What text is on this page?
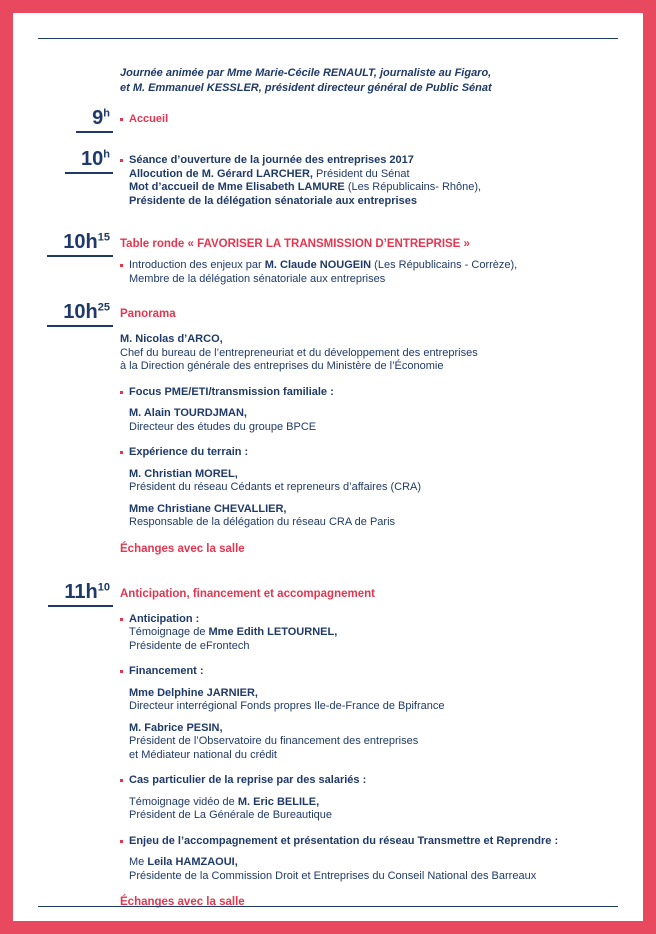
Journée animée par Mme Marie-Cécile RENAULT, journaliste au Figaro,
et M. Emmanuel KESSLER, président directeur général de Public Sénat
9$^h$	Accueil
10$^h$	Séance d’ouverture de la journée des entreprises 2017
Allocution de M. Gérard LARCHER, Président du Sénat
Mot d’accueil de Mme Elisabeth LAMURE (Les Républicains- Rhône),
Présidente de la délégation sénatoriale aux entreprises
$10h^{15}$
Table ronde « FAVORISER LA TRANSMISSION D’ENTREPRISE »
Introduction des enjeux par M. Claude NOUGEIN (Les Républicains - Corrèze),
Membre de la délégation sénatoriale aux entreprises
$10h^{25}$
Panorama
M. Nicolas d’ARCO,
Chef du bureau de l’entrepreneuriat et du développement des entreprises
à la Direction générale des entreprises du Ministère de l’Économie
Focus PME/ETI/transmission familiale :
M. Alain TOURDJMAN,
Directeur des études du groupe BPCE
Expérience du terrain :
M. Christian MOREL,
Président du réseau Cédants et repreneurs d’affaires (CRA)
Mme Christiane CHEVALLIER,
Responsable de la délégation du réseau CRA de Paris
Échanges avec la salle
$11h^{10}$
Anticipation, financement et accompagnement
Anticipation :
Témoignage de Mme Edith LETOURNEL,
Présidente de eFrontech
Financement :
Mme Delphine JARNIER,
Directeur interrégional Fonds propres Ile-de-France de Bpifrance
M. Fabrice PESIN,
Président de l’Observatoire du financement des entreprises
et Médiateur national du crédit
Cas particulier de la reprise par des salariés :
Témoignage vidéo de M. Eric BELILE,
Président de La Générale de Bureautique
Enjeu de l’accompagnement et présentation du réseau Transmettre et Reprendre :
Me Leila HAMZAOUI,
Présidente de la Commission Droit et Entreprises du Conseil National des Barreaux
Échanges avec la salle
